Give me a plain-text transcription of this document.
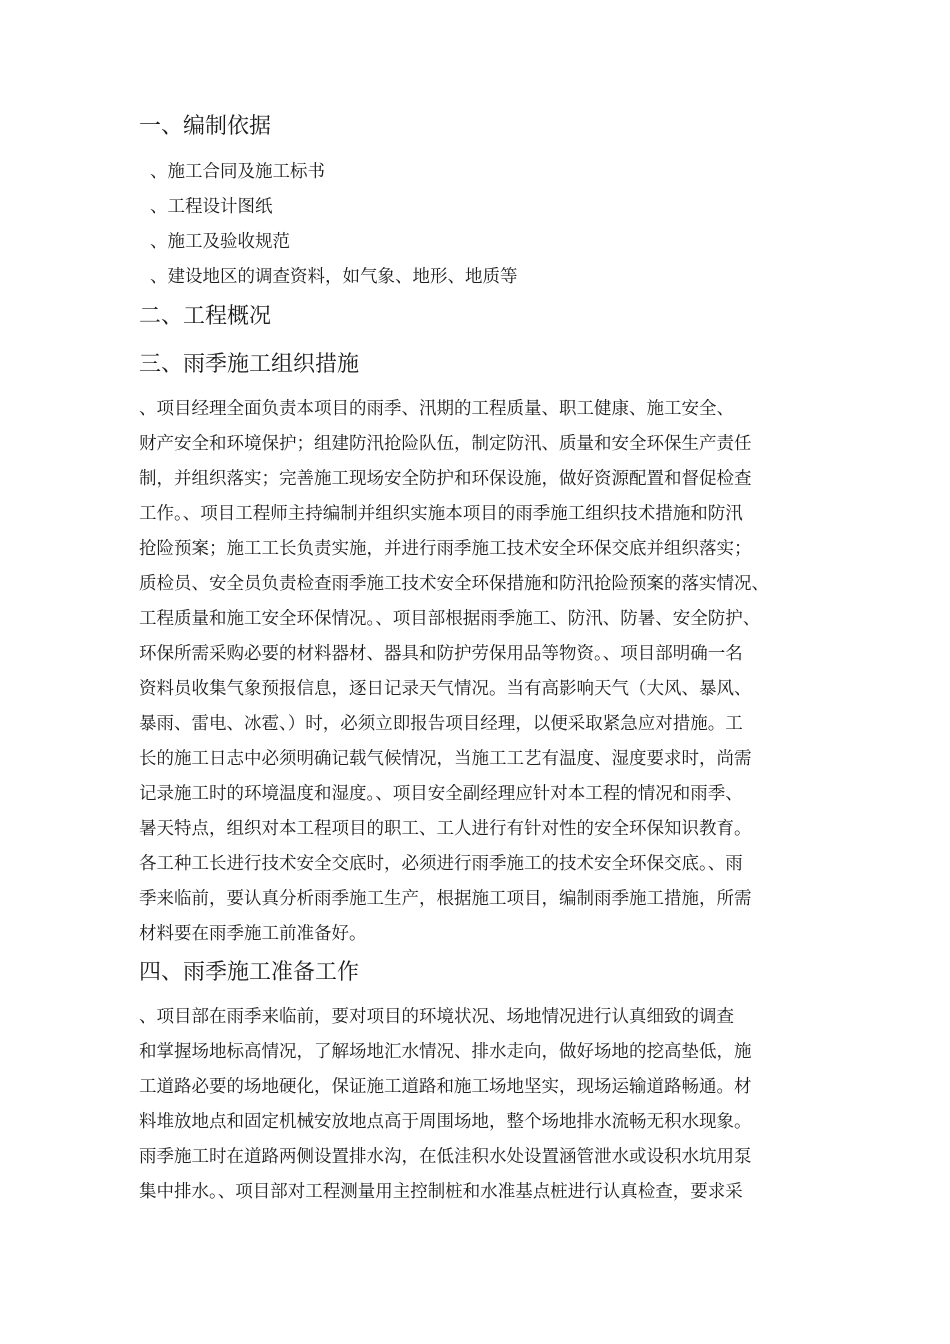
一、编制依据

、施工合同及施工标书

、工程设计图纸

、施工及验收规范

、建设地区的调查资料，如气象、地形、地质等

二、工程概况
三、雨季施工组织措施

、项目经理全面负责本项目的雨季、汛期的工程质量、职工健康、施工安全、

财产安全和环境保护；组建防汛抢险队伍，制定防汛、质量和安全环保生产责任

制，并组织落实；完善施工现场安全防护和环保设施，做好资源配置和督促检查

工作。、项目工程师主持编制并组织实施本项目的雨季施工组织技术措施和防汛

抢险预案；施工工长负责实施，并进行雨季施工技术安全环保交底并组织落实；

质检员、安全员负责检查雨季施工技术安全环保措施和防汛抢险预案的落实情况、

工程质量和施工安全环保情况。、项目部根据雨季施工、防汛、防暑、安全防护、

环保所需采购必要的材料器材、器具和防护劳保用品等物资。、项目部明确一名

资料员收集气象预报信息，逐日记录天气情况。当有高影响天气（大风、暴风、

暴雨、雷电、冰雹、）时，必须立即报告项目经理，以便采取紧急应对措施。工

长的施工日志中必须明确记载气候情况，当施工工艺有温度、湿度要求时，尚需

记录施工时的环境温度和湿度。、项目安全副经理应针对本工程的情况和雨季、

暑天特点，组织对本工程项目的职工、工人进行有针对性的安全环保知识教育。

各工种工长进行技术安全交底时，必须进行雨季施工的技术安全环保交底。、雨

季来临前，要认真分析雨季施工生产，根据施工项目，编制雨季施工措施，所需

材料要在雨季施工前准备好。

四、雨季施工准备工作

、项目部在雨季来临前，要对项目的环境状况、场地情况进行认真细致的调查

和掌握场地标高情况，了解场地汇水情况、排水走向，做好场地的挖高垫低，施

工道路必要的场地硬化，保证施工道路和施工场地坚实，现场运输道路畅通。材

料堆放地点和固定机械安放地点高于周围场地，整个场地排水流畅无积水现象。

雨季施工时在道路两侧设置排水沟，在低洼积水处设置涵管泄水或设积水坑用泵

集中排水。、项目部对工程测量用主控制桩和水准基点桩进行认真检查，要求采
